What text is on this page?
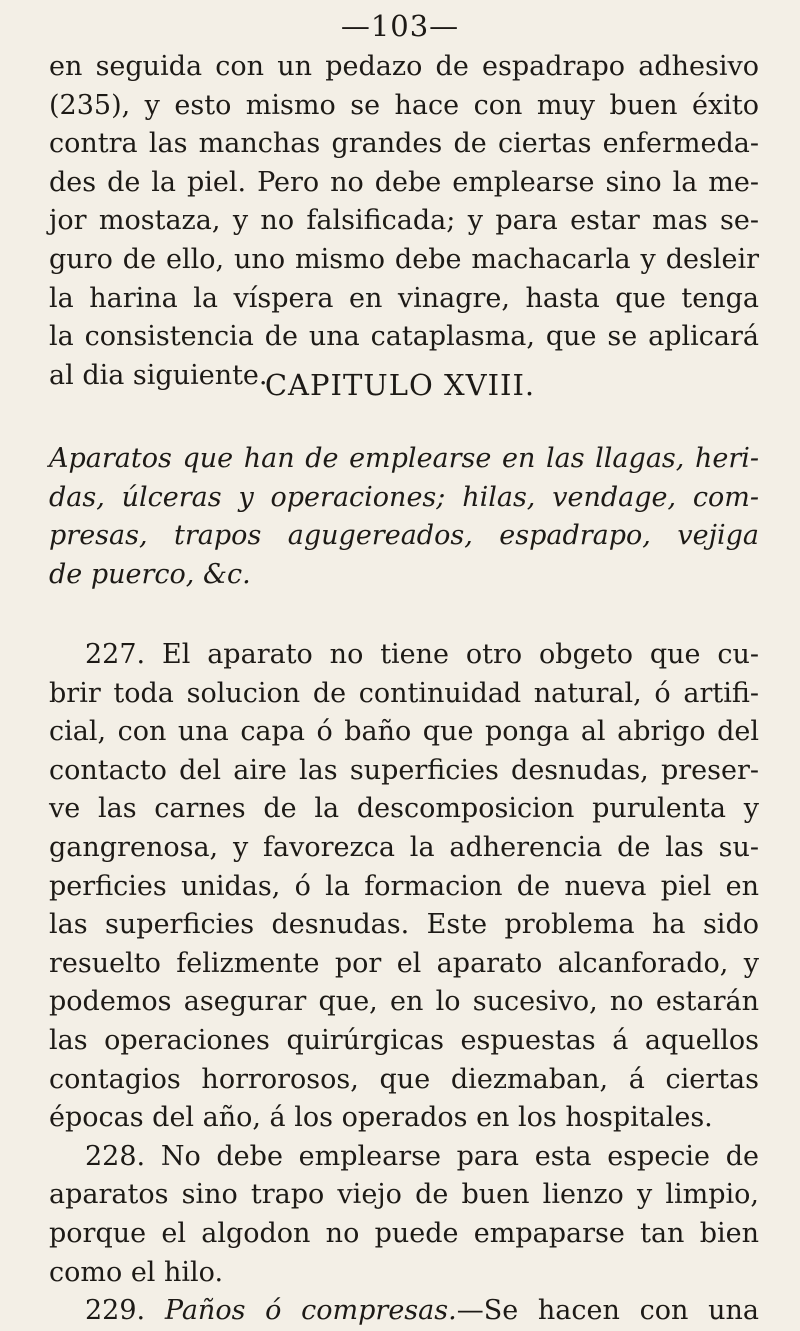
—103—
en seguida con un pedazo de espadrapo adhesivo
(235), y esto mismo se hace con muy buen éxito
contra las manchas grandes de ciertas enfermeda-
des de la piel. Pero no debe emplearse sino la me-
jor mostaza, y no falsificada; y para estar mas se-
guro de ello, uno mismo debe machacarla y desleir
la harina la víspera en vinagre, hasta que tenga
la consistencia de una cataplasma, que se aplicará
al dia siguiente.
CAPITULO XVIII.
Aparatos que han de emplearse en las llagas, heri-
das, úlceras y operaciones; hilas, vendage, com-
presas, trapos agugereados, espadrapo, vejiga
de puerco, &c.
227. El aparato no tiene otro obgeto que cu-
brir toda solucion de continuidad natural, ó artifi-
cial, con una capa ó baño que ponga al abrigo del
contacto del aire las superficies desnudas, preser-
ve las carnes de la descomposicion purulenta y
gangrenosa, y favorezca la adherencia de las su-
perficies unidas, ó la formacion de nueva piel en
las superficies desnudas. Este problema ha sido
resuelto felizmente por el aparato alcanforado, y
podemos asegurar que, en lo sucesivo, no estarán
las operaciones quirúrgicas espuestas á aquellos
contagios horrorosos, que diezmaban, á ciertas
épocas del año, á los operados en los hospitales.
228. No debe emplearse para esta especie de
aparatos sino trapo viejo de buen lienzo y limpio,
porque el algodon no puede empaparse tan bien
como el hilo.
229. Paños ó compresas.—Se hacen con una
